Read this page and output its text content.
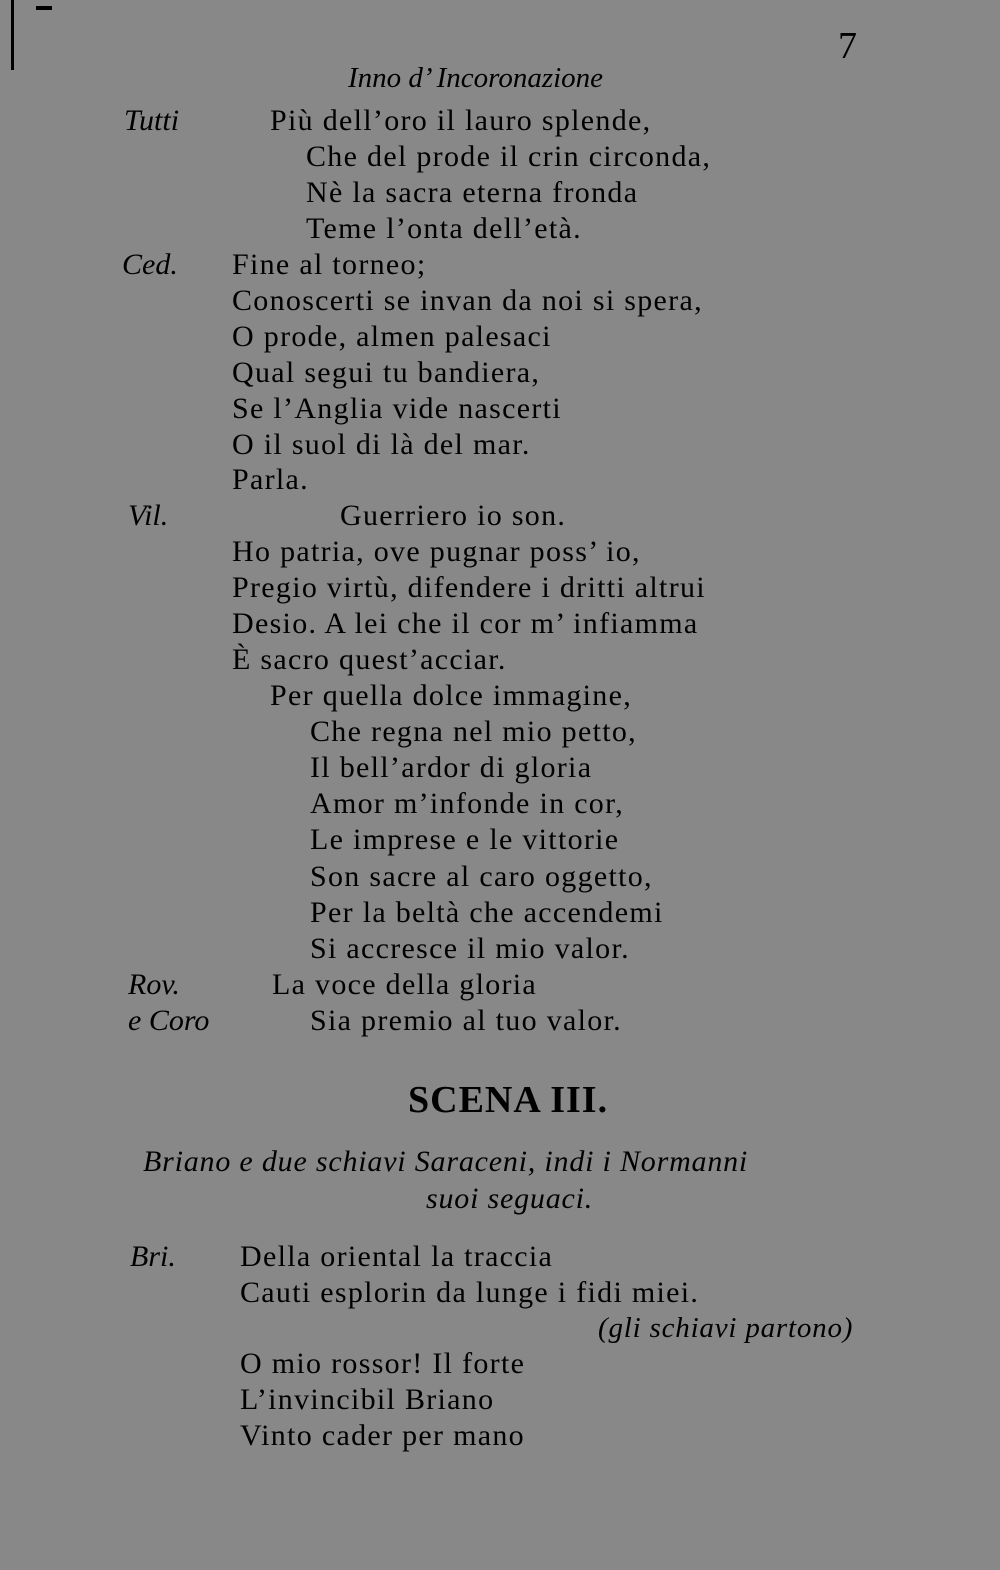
7
Inno d’ Incoronazione
Tutti
Ced.
Vil.
Rov.
e Coro
Bri.
Più dell’oro il lauro splende,
Che del prode il crin circonda,
Nè la sacra eterna fronda
Teme l’onta dell’età.
Fine al torneo;
Conoscerti se invan da noi si spera,
O prode, almen palesaci
Qual segui tu bandiera,
Se l’Anglia vide nascerti
O il suol di là del mar.
Parla.
Guerriero io son.
Ho patria, ove pugnar poss’ io,
Pregio virtù, difendere i dritti altrui
Desio. A lei che il cor m’ infiamma
È sacro quest’acciar.
Per quella dolce immagine,
Che regna nel mio petto,
Il bell’ardor di gloria
Amor m’infonde in cor,
Le imprese e le vittorie
Son sacre al caro oggetto,
Per la beltà che accendemi
Si accresce il mio valor.
La voce della gloria
Sia premio al tuo valor.
SCENA III.
Briano e due schiavi Saraceni, indi i Normanni
suoi seguaci.
Della oriental la traccia
Cauti esplorin da lunge i fidi miei.
(gli schiavi partono)
O mio rossor! Il forte
L’invincibil Briano
Vinto cader per mano
